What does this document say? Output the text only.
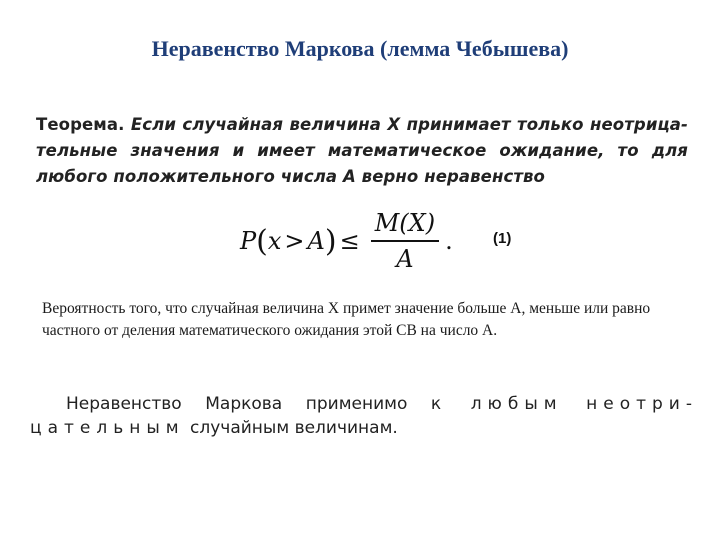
Неравенство Маркова (лемма Чебышева)
Теорема. Если случайная величина X принимает только неотрица-тельные значения и имеет математическое ожидание, то для любого положительного числа A верно неравенство
P ( x > A ) ≤ $\frac{M(X)}{A}$ .	(1)
Вероятность того, что случайная величина X примет значение больше A, меньше или равно частного от деления математического ожидания этой СВ на число A.
Неравенство Маркова применимо к любым неотри-
цательным случайным величинам.
